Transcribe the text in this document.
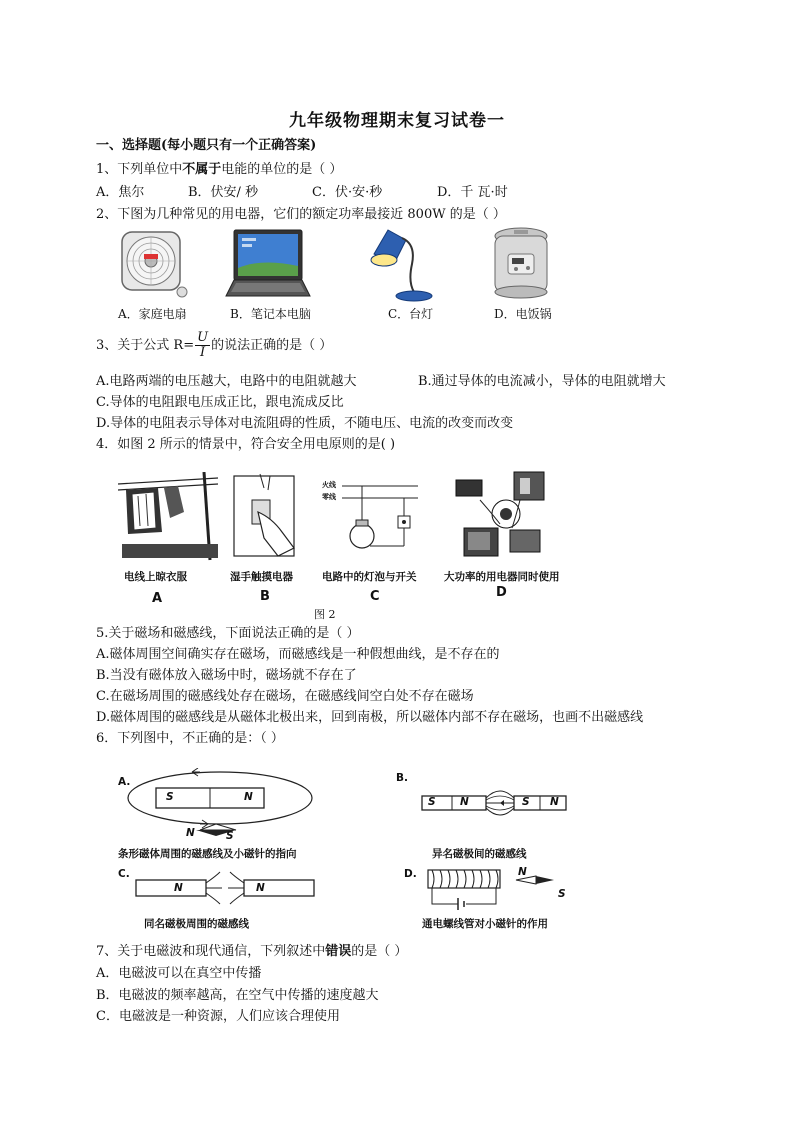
九年级物理期末复习试卷一
一、选择题(每小题只有一个正确答案)
1、下列单位中不属于电能的单位的是（ ）
A．焦尔	B．伏安/ 秒	C．伏·安·秒	D．千 瓦·时
2、下图为几种常见的用电器，它们的额定功率最接近 800W 的是（ ）
A．家庭电扇	B．笔记本电脑	C．台灯	D．电饭锅
3、关于公式 $R= \frac{U}{I}$ 的说法正确的是（ ）
A.电路两端的电压越大，电路中的电阻就越大	B.通过导体的电流减小，导体的电阻就增大
C.导体的电阻跟电压成正比，跟电流成反比
D.导体的电阻表示导体对电流阻碍的性质，不随电压、电流的改变而改变
4．如图 2 所示的情景中，符合安全用电原则的是( )
火线
零线
电线上晾衣服	湿手触摸电器	电路中的灯泡与开关	大功率的用电器同时使用
A	B	C	D
图 2
5.关于磁场和磁感线，下面说法正确的是（ ）
A.磁体周围空间确实存在磁场，而磁感线是一种假想曲线，是不存在的
B.当没有磁体放入磁场中时，磁场就不存在了
C.在磁场周围的磁感线处存在磁场，在磁感线间空白处不存在磁场
D.磁体周围的磁感线是从磁体北极出来，回到南极，所以磁体内部不存在磁场，也画不出磁感线
6．下列图中，不正确的是：（ ）
A.
S	N
N	S
条形磁体周围的磁感线及小磁针的指向
B.
S N	S N
异名磁极间的磁感线
C.
N	N
同名磁极周围的磁感线
D.	N
S
通电螺线管对小磁针的作用
7、关于电磁波和现代通信，下列叙述中错误的是（ ）
A．电磁波可以在真空中传播
B．电磁波的频率越高，在空气中传播的速度越大
C．电磁波是一种资源，人们应该合理使用
